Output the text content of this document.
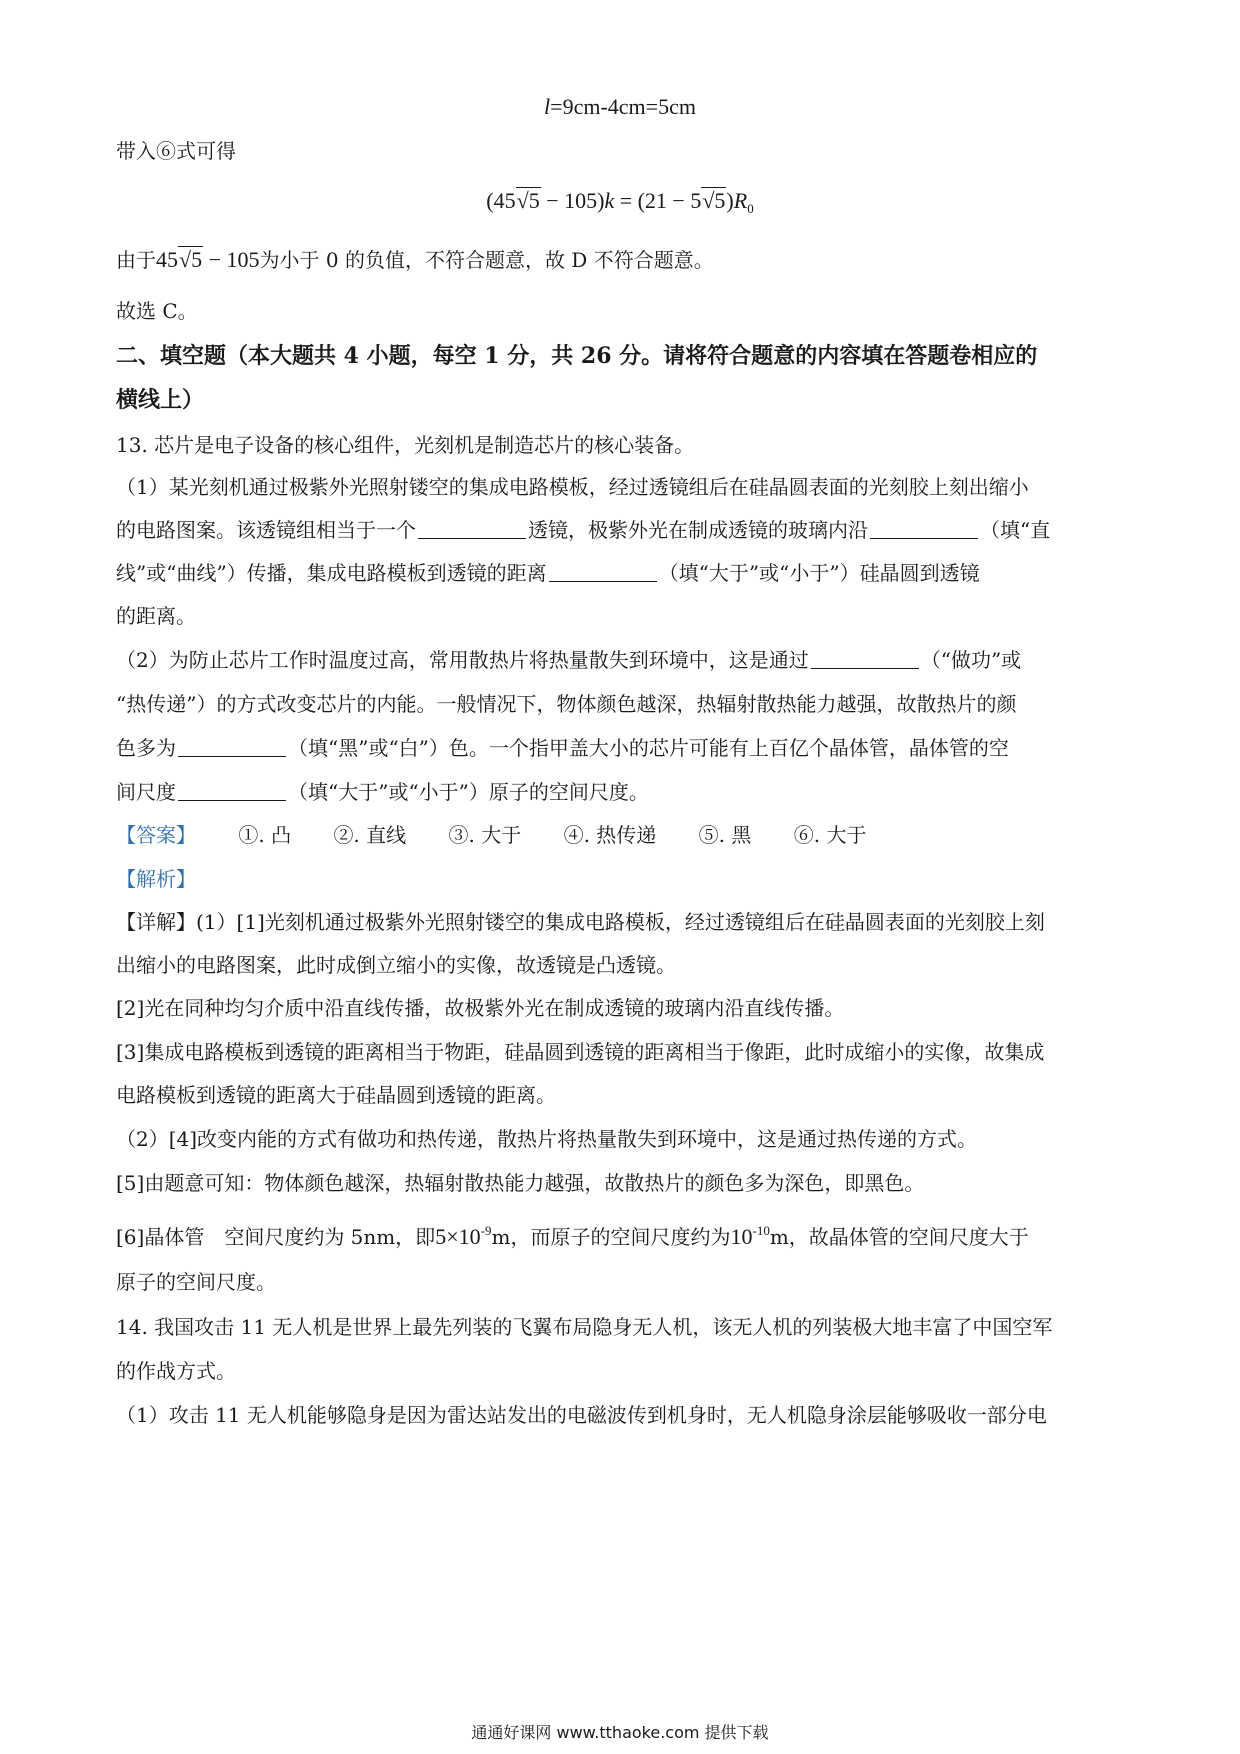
l=9cm-4cm=5cm
带入⑥式可得
$(45√5 - 105)k = (21 - 5√5)R_0$
由于45√5 − 105为小于 0 的负值，不符合题意，故 D 不符合题意。
故选 C。
二、填空题（本大题共 4 小题，每空 1 分，共 26 分。请将符合题意的内容填在答题卷相应的
横线上）
13. 芯片是电子设备的核心组件，光刻机是制造芯片的核心装备。
（1）某光刻机通过极紫外光照射镂空的集成电路模板，经过透镜组后在硅晶圆表面的光刻胶上刻出缩小
的电路图案。该透镜组相当于一个	透镜，极紫外光在制成透镜的玻璃内沿	（填“直
线”或“曲线”）传播，集成电路模板到透镜的距离	（填“大于”或“小于”）硅晶圆到透镜
的距离。
（2）为防止芯片工作时温度过高，常用散热片将热量散失到环境中，这是通过	（“做功”或
“热传递”）的方式改变芯片的内能。一般情况下，物体颜色越深，热辐射散热能力越强，故散热片的颜
色多为	（填“黑”或“白”）色。一个指甲盖大小的芯片可能有上百亿个晶体管，晶体管的空
间尺度	（填“大于”或“小于”）原子的空间尺度。
【答案】 ①. 凸 ②. 直线 ③. 大于 ④. 热传递 ⑤. 黑 ⑥. 大于
【解析】
【详解】(1）[1]光刻机通过极紫外光照射镂空的集成电路模板，经过透镜组后在硅晶圆表面的光刻胶上刻
出缩小的电路图案，此时成倒立缩小的实像，故透镜是凸透镜。
[2]光在同种均匀介质中沿直线传播，故极紫外光在制成透镜的玻璃内沿直线传播。
[3]集成电路模板到透镜的距离相当于物距，硅晶圆到透镜的距离相当于像距，此时成缩小的实像，故集成
电路模板到透镜的距离大于硅晶圆到透镜的距离。
（2）[4]改变内能的方式有做功和热传递，散热片将热量散失到环境中，这是通过热传递的方式。
[5]由题意可知：物体颜色越深，热辐射散热能力越强，故散热片的颜色多为深色，即黑色。
[6]晶体管　空间尺度约为 5nm，即$5\times 10^{-9}m$，而原子的空间尺度约为$10^{-10}m$，故晶体管的空间尺度大于
原子的空间尺度。
14. 我国攻击 11 无人机是世界上最先列装的飞翼布局隐身无人机，该无人机的列装极大地丰富了中国空军
的作战方式。
（1）攻击 11 无人机能够隐身是因为雷达站发出的电磁波传到机身时，无人机隐身涂层能够吸收一部分电
通通好课网 www.tthaoke.com 提供下载
